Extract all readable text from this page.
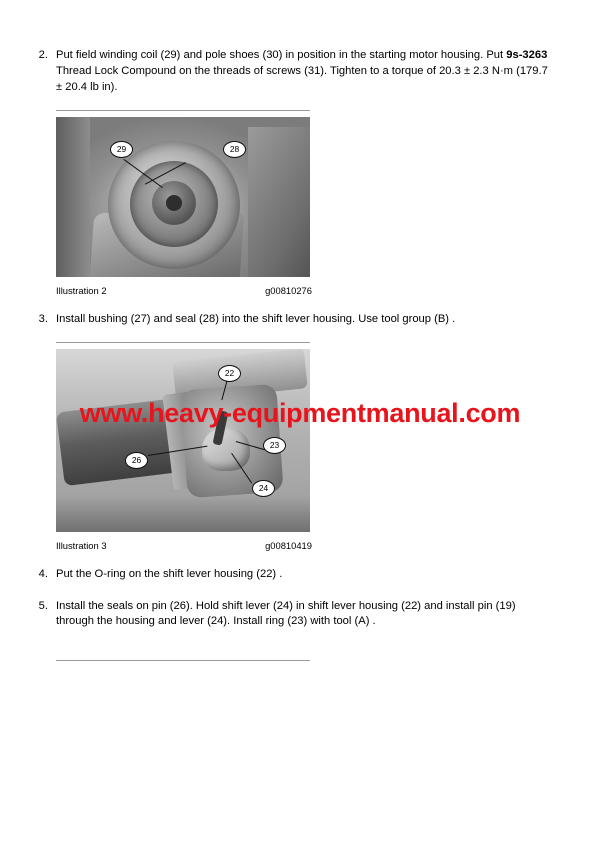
2. Put field winding coil (29) and pole shoes (30) in position in the starting motor housing. Put 9s-3263 Thread Lock Compound on the threads of screws (31). Tighten to a torque of 20.3 ± 2.3 N·m (179.7 ± 20.4 lb in).
29	28
Illustration 2	g00810276
3. Install bushing (27) and seal (28) into the shift lever housing. Use tool group (B) .
22
23
26
24
Illustration 3	g00810419
4. Put the O-ring on the shift lever housing (22) .
5. Install the seals on pin (26). Hold shift lever (24) in shift lever housing (22) and install pin (19) through the housing and lever (24). Install ring (23) with tool (A) .
www.heavy-equipmentmanual.com
